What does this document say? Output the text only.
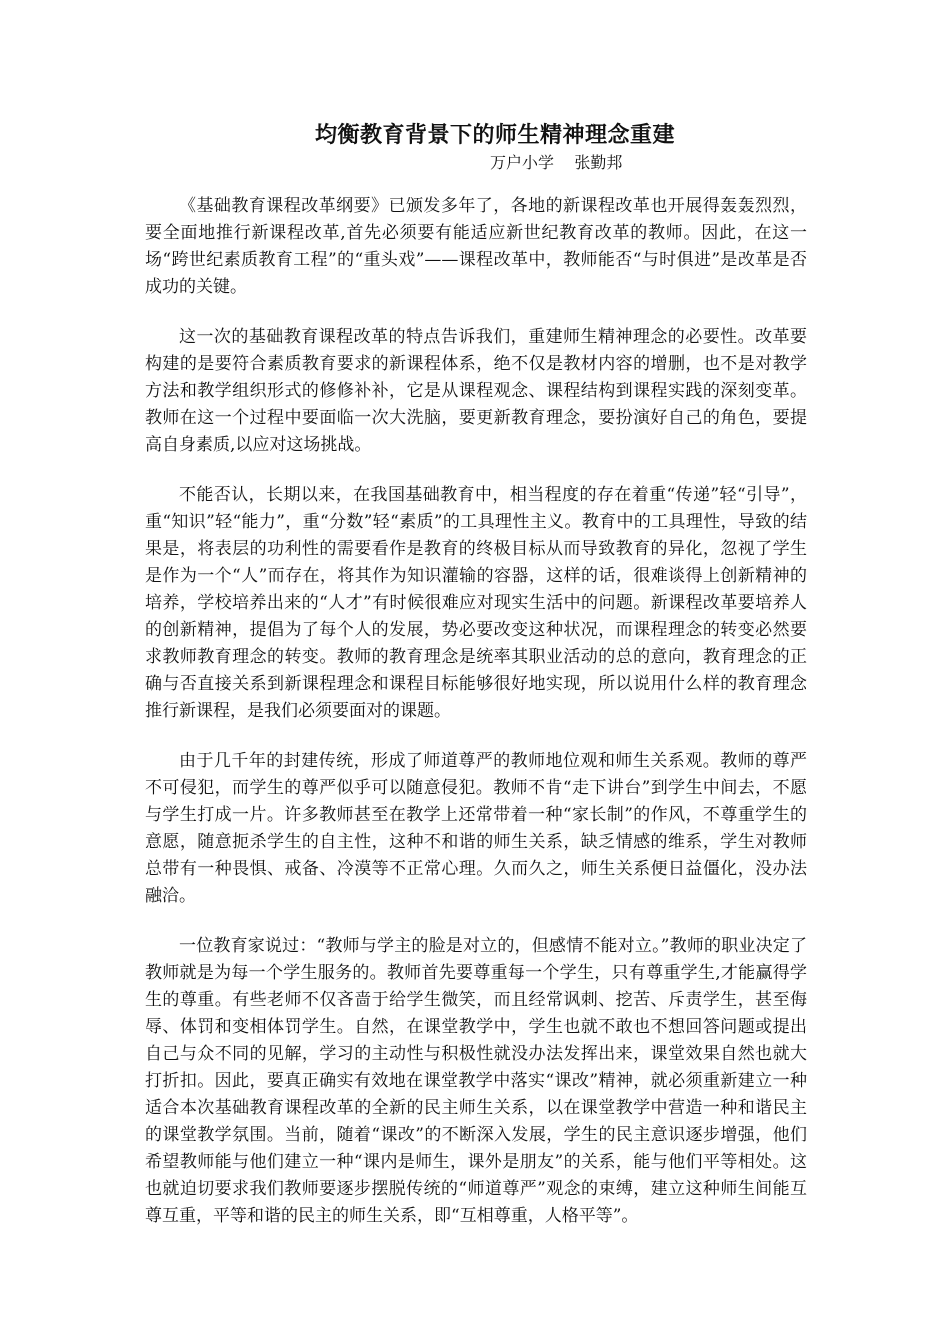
均衡教育背景下的师生精神理念重建
万户小学    张勤邦

《基础教育课程改革纲要》已颁发多年了，各地的新课程改革也开展得轰轰烈烈，要全面地推行新课程改革,首先必须要有能适应新世纪教育改革的教师。因此，在这一场“跨世纪素质教育工程”的“重头戏”——课程改革中，教师能否“与时俱进”是改革是否成功的关键。

这一次的基础教育课程改革的特点告诉我们，重建师生精神理念的必要性。改革要构建的是要符合素质教育要求的新课程体系，绝不仅是教材内容的增删，也不是对教学方法和教学组织形式的修修补补，它是从课程观念、课程结构到课程实践的深刻变革。教师在这一个过程中要面临一次大洗脑，要更新教育理念，要扮演好自己的角色，要提高自身素质,以应对这场挑战。

不能否认，长期以来，在我国基础教育中，相当程度的存在着重“传递”轻“引导”，重“知识”轻“能力”，重“分数”轻“素质”的工具理性主义。教育中的工具理性，导致的结果是，将表层的功利性的需要看作是教育的终极目标从而导致教育的异化，忽视了学生是作为一个“人”而存在，将其作为知识灌输的容器，这样的话，很难谈得上创新精神的培养，学校培养出来的“人才”有时候很难应对现实生活中的问题。新课程改革要培养人的创新精神，提倡为了每个人的发展，势必要改变这种状况，而课程理念的转变必然要求教师教育理念的转变。教师的教育理念是统率其职业活动的总的意向，教育理念的正确与否直接关系到新课程理念和课程目标能够很好地实现，所以说用什么样的教育理念推行新课程，是我们必须要面对的课题。

由于几千年的封建传统，形成了师道尊严的教师地位观和师生关系观。教师的尊严不可侵犯，而学生的尊严似乎可以随意侵犯。教师不肯“走下讲台”到学生中间去，不愿与学生打成一片。许多教师甚至在教学上还常带着一种“家长制”的作风，不尊重学生的意愿，随意扼杀学生的自主性，这种不和谐的师生关系，缺乏情感的维系，学生对教师总带有一种畏惧、戒备、冷漠等不正常心理。久而久之，师生关系便日益僵化，没办法融洽。

一位教育家说过：“教师与学主的脸是对立的，但感情不能对立。”教师的职业决定了教师就是为每一个学生服务的。教师首先要尊重每一个学生，只有尊重学生,才能赢得学生的尊重。有些老师不仅吝啬于给学生微笑，而且经常讽刺、挖苦、斥责学生，甚至侮辱、体罚和变相体罚学生。自然，在课堂教学中，学生也就不敢也不想回答问题或提出自己与众不同的见解，学习的主动性与积极性就没办法发挥出来，课堂效果自然也就大打折扣。因此，要真正确实有效地在课堂教学中落实“课改”精神，就必须重新建立一种适合本次基础教育课程改革的全新的民主师生关系，以在课堂教学中营造一种和谐民主的课堂教学氛围。当前，随着“课改”的不断深入发展，学生的民主意识逐步增强，他们希望教师能与他们建立一种“课内是师生，课外是朋友”的关系，能与他们平等相处。这也就迫切要求我们教师要逐步摆脱传统的“师道尊严”观念的束缚，建立这种师生间能互尊互重，平等和谐的民主的师生关系，即“互相尊重，人格平等”。
